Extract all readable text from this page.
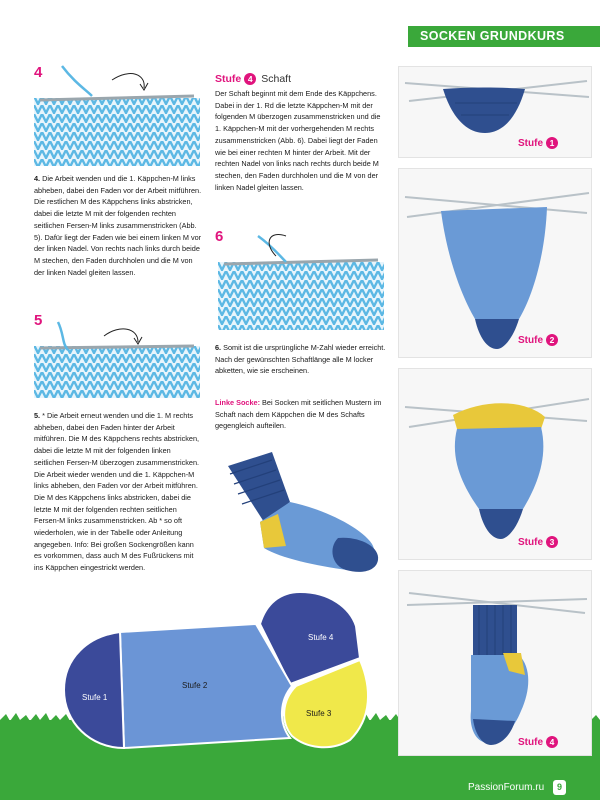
SOCKEN GRUNDKURS
4
4. Die Arbeit wenden und die 1. Käppchen-M links abheben, dabei den Faden vor der Arbeit mitführen. Die restlichen M des Käppchens links abstricken, dabei die letzte M mit der folgenden rechten seitlichen Fersen-M links zusammenstricken (Abb. 5). Dafür liegt der Faden wie bei einem linken M vor der linken Nadel. Von rechts nach links durch beide M stechen, den Faden durchholen und die M von der linken Nadel gleiten lassen.
5
5. * Die Arbeit erneut wenden und die 1. M rechts abheben, dabei den Faden hinter der Arbeit mitführen. Die M des Käppchens rechts abstricken, dabei die letzte M mit der folgenden linken seitlichen Fersen-M überzogen zusammenstricken. Die Arbeit wieder wenden und die 1. Käppchen-M links abheben, den Faden vor der Arbeit mitführen. Die M des Käppchens links abstricken, dabei die letzte M mit der folgenden rechten seitlichen Fersen-M links zusammenstricken. Ab * so oft wiederholen, wie in der Tabelle oder Anleitung angegeben. Info: Bei großen Sockengrößen kann es vorkommen, dass auch M des Fußrückens mit ins Käppchen eingestrickt werden.
Stufe 4 Schaft
Der Schaft beginnt mit dem Ende des Käppchens. Dabei in der 1. Rd die letzte Käppchen-M mit der folgenden M überzogen zusammenstricken und die 1. Käppchen-M mit der vorhergehenden M rechts zusammenstricken (Abb. 6). Dabei liegt der Faden wie bei einer rechten M hinter der Arbeit. Mit der rechten Nadel von links nach rechts durch beide M stechen, den Faden durchholen und die M von der linken Nadel gleiten lassen.
6
6. Somit ist die ursprüngliche M-Zahl wieder erreicht. Nach der gewünschten Schaftlänge alle M locker abketten, wie sie erscheinen.
Linke Socke: Bei Socken mit seitlichen Mustern im Schaft nach dem Käppchen die M des Schafts gegengleich aufteilen.
Stufe 1
Stufe 2
Stufe 3
Stufe 4
Stufe 1
Stufe 2
Stufe 3
Stufe 4
PassionForum.ru	9
